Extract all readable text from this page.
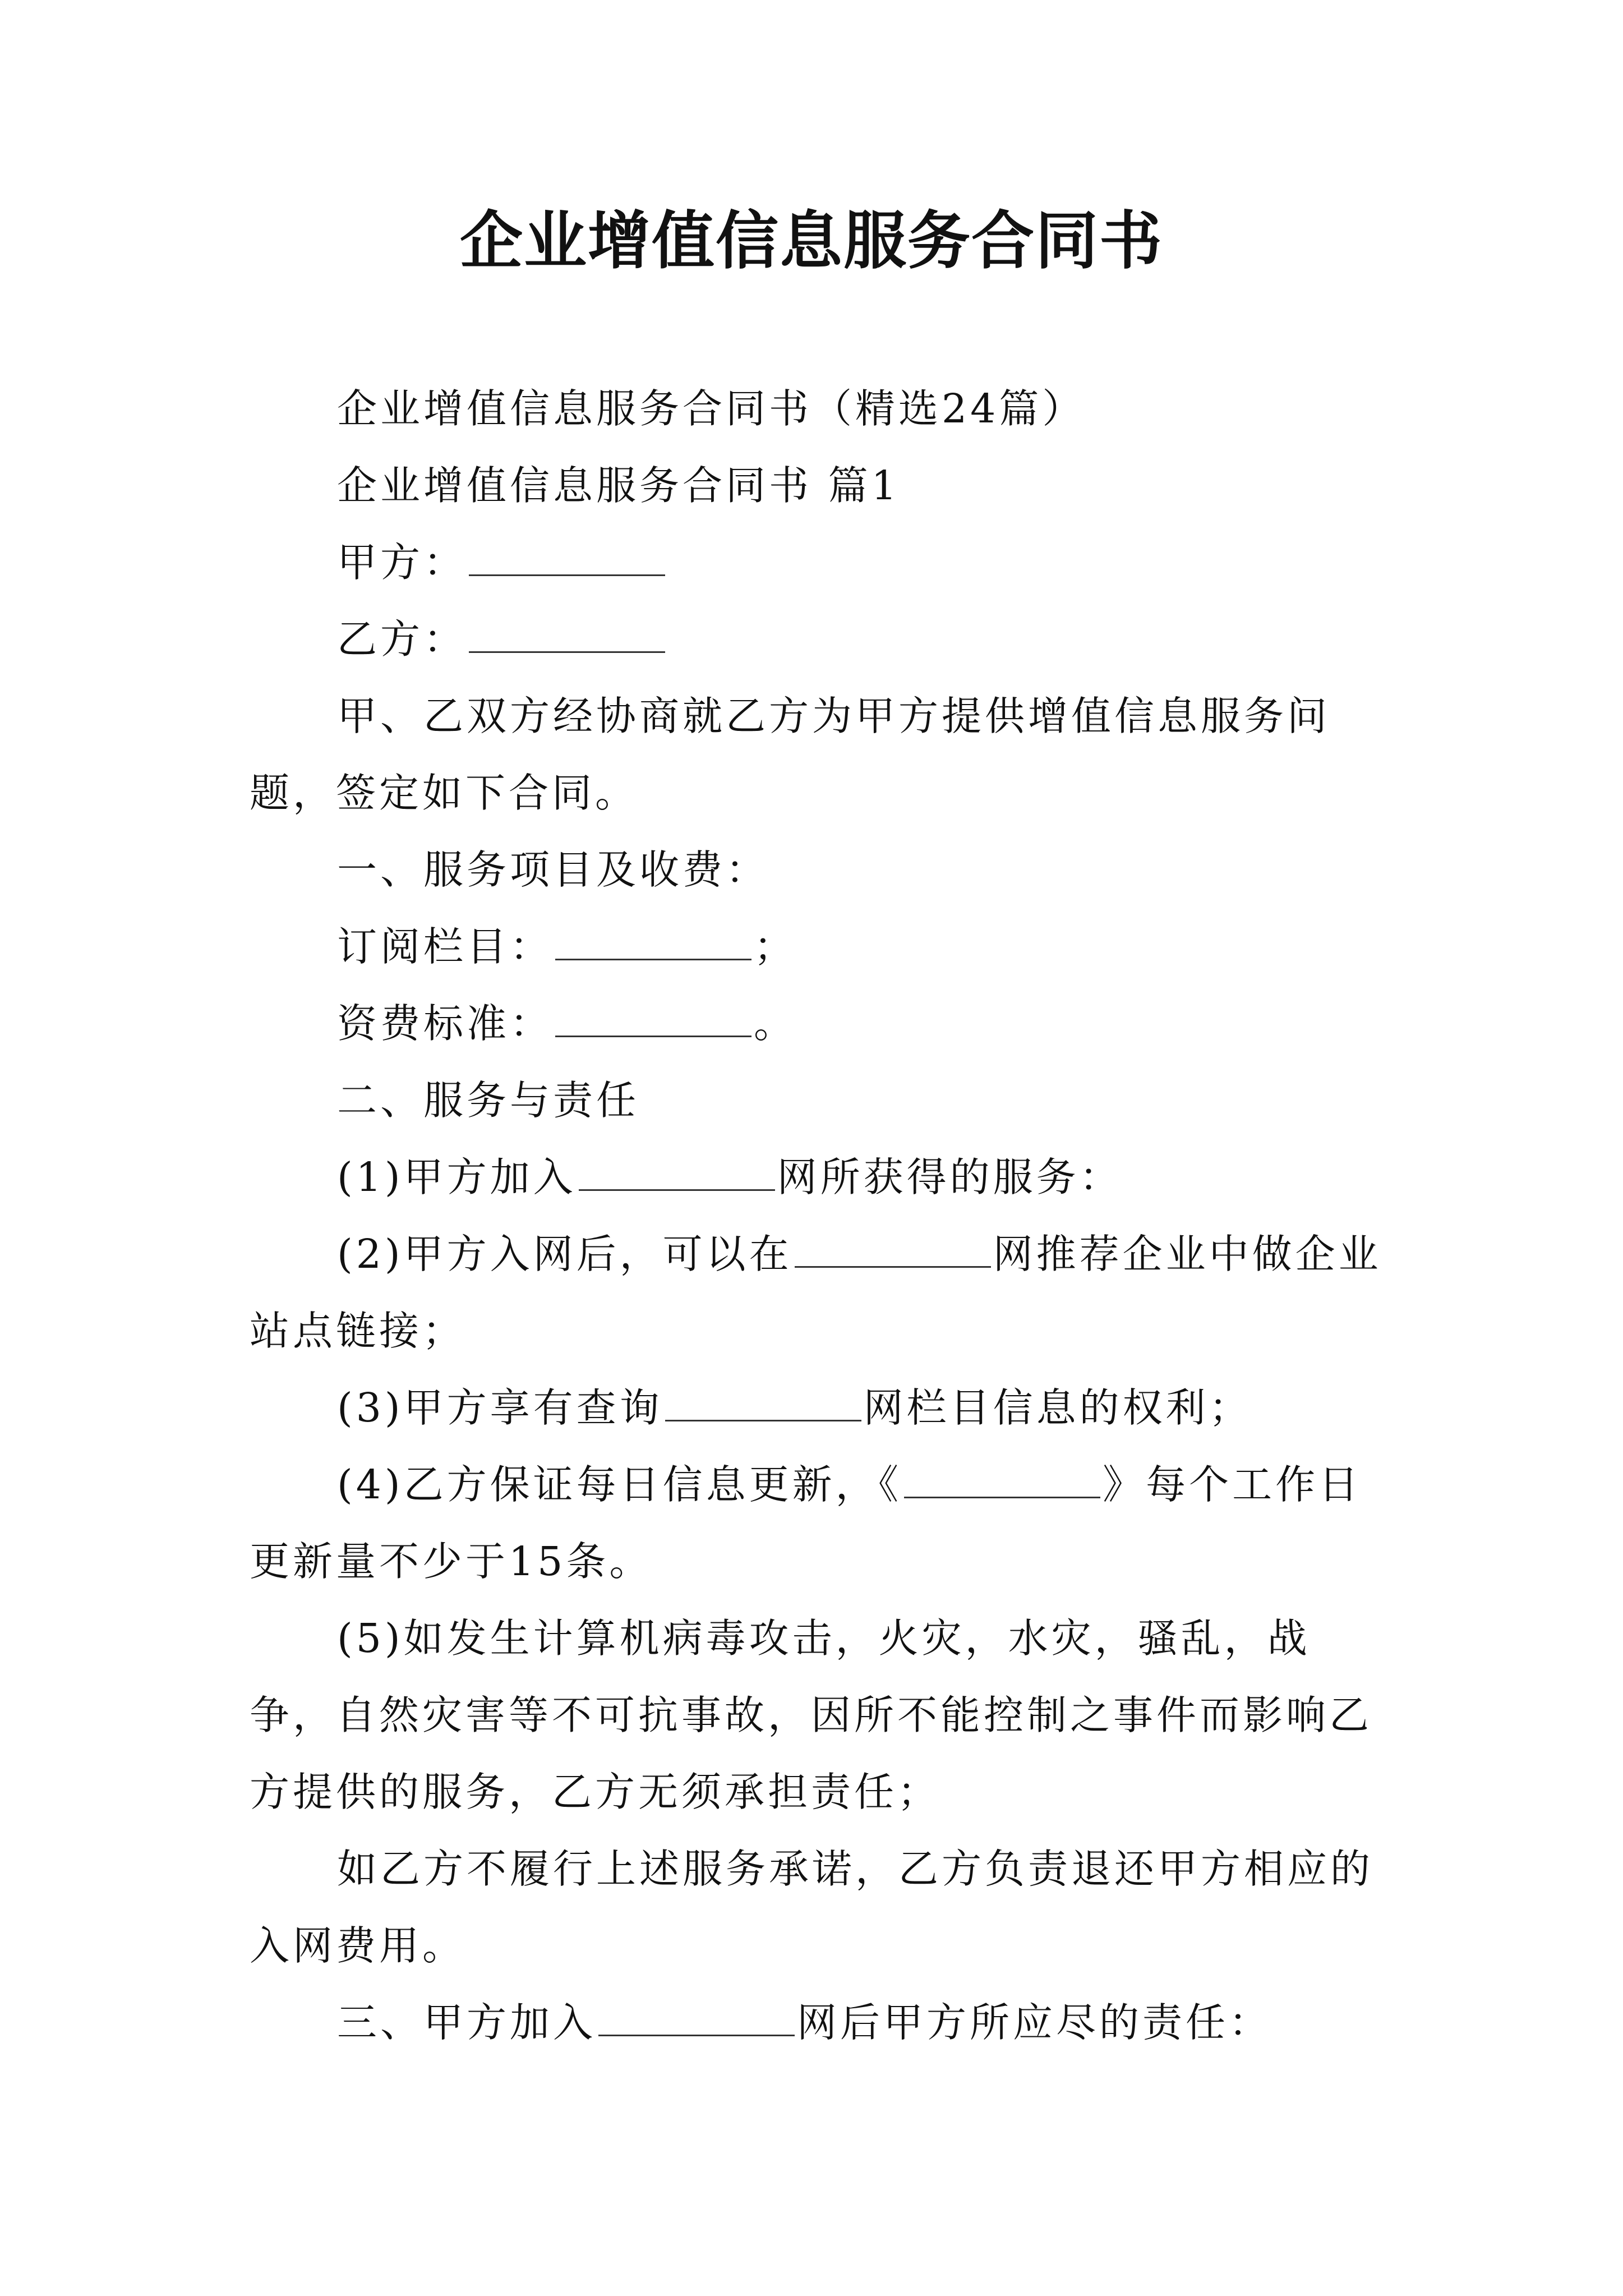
企业增值信息服务合同书

企业增值信息服务合同书（精选24篇）

企业增值信息服务合同书 篇1

甲方：

乙方：

甲、乙双方经协商就乙方为甲方提供增值信息服务问题，签定如下合同。

一、服务项目及收费：

订阅栏目：	；

资费标准：	。

二、服务与责任

(1)甲方加入	网所获得的服务：

(2)甲方入网后，可以在	网推荐企业中做企业站点链接；

(3)甲方享有查询	网栏目信息的权利；

(4)乙方保证每日信息更新，《	》每个工作日更新量不少于15条。

(5)如发生计算机病毒攻击，火灾，水灾，骚乱，战争，自然灾害等不可抗事故，因所不能控制之事件而影响乙方提供的服务，乙方无须承担责任；

如乙方不履行上述服务承诺，乙方负责退还甲方相应的入网费用。

三、甲方加入	网后甲方所应尽的责任：
